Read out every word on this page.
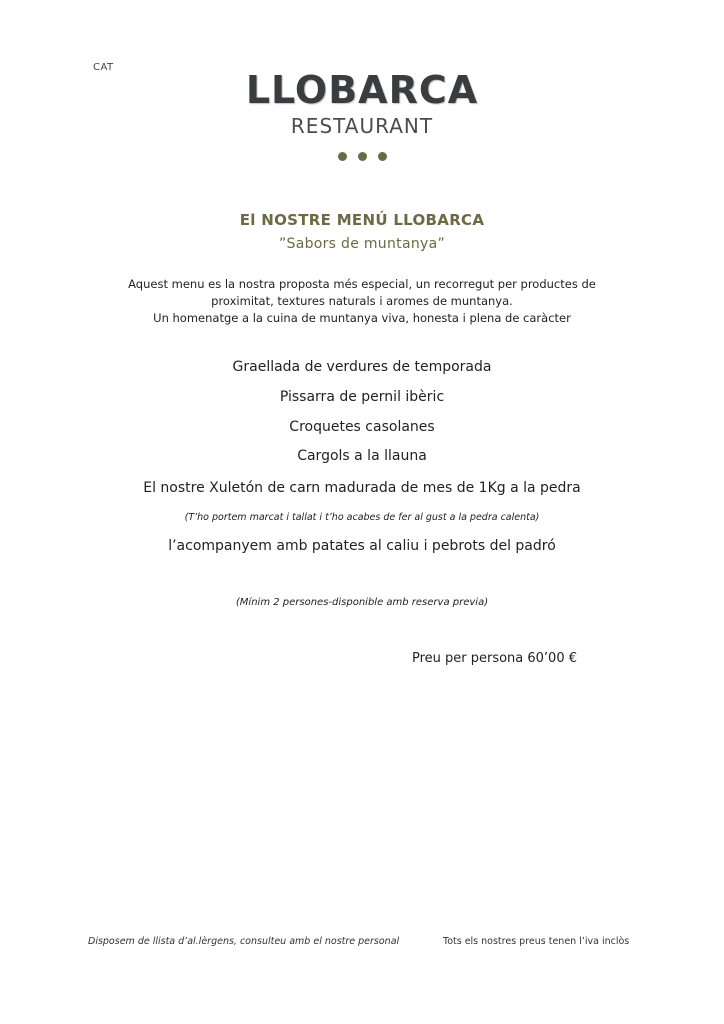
CAT
LLOBARCA
RESTAURANT
El NOSTRE MENÚ LLOBARCA
”Sabors de muntanya”
Aquest menu es la nostra proposta més especial, un recorregut per productes de
proximitat, textures naturals i aromes de muntanya.
Un homenatge a la cuina de muntanya viva, honesta i plena de caràcter
Graellada de verdures de temporada
Pissarra de pernil ibèric
Croquetes casolanes
Cargols a la llauna
El nostre Xuletón de carn madurada de mes de 1Kg a la pedra
(T’ho portem marcat i tallat i t’ho acabes de fer al gust a la pedra calenta)
l’acompanyem amb patates al caliu i pebrots del padró
(Mínim 2 persones-disponible amb reserva previa)
Preu per persona 60’00 €
Disposem de llista d’al.lèrgens, consulteu amb el nostre personal	Tots els nostres preus tenen l’iva inclòs
